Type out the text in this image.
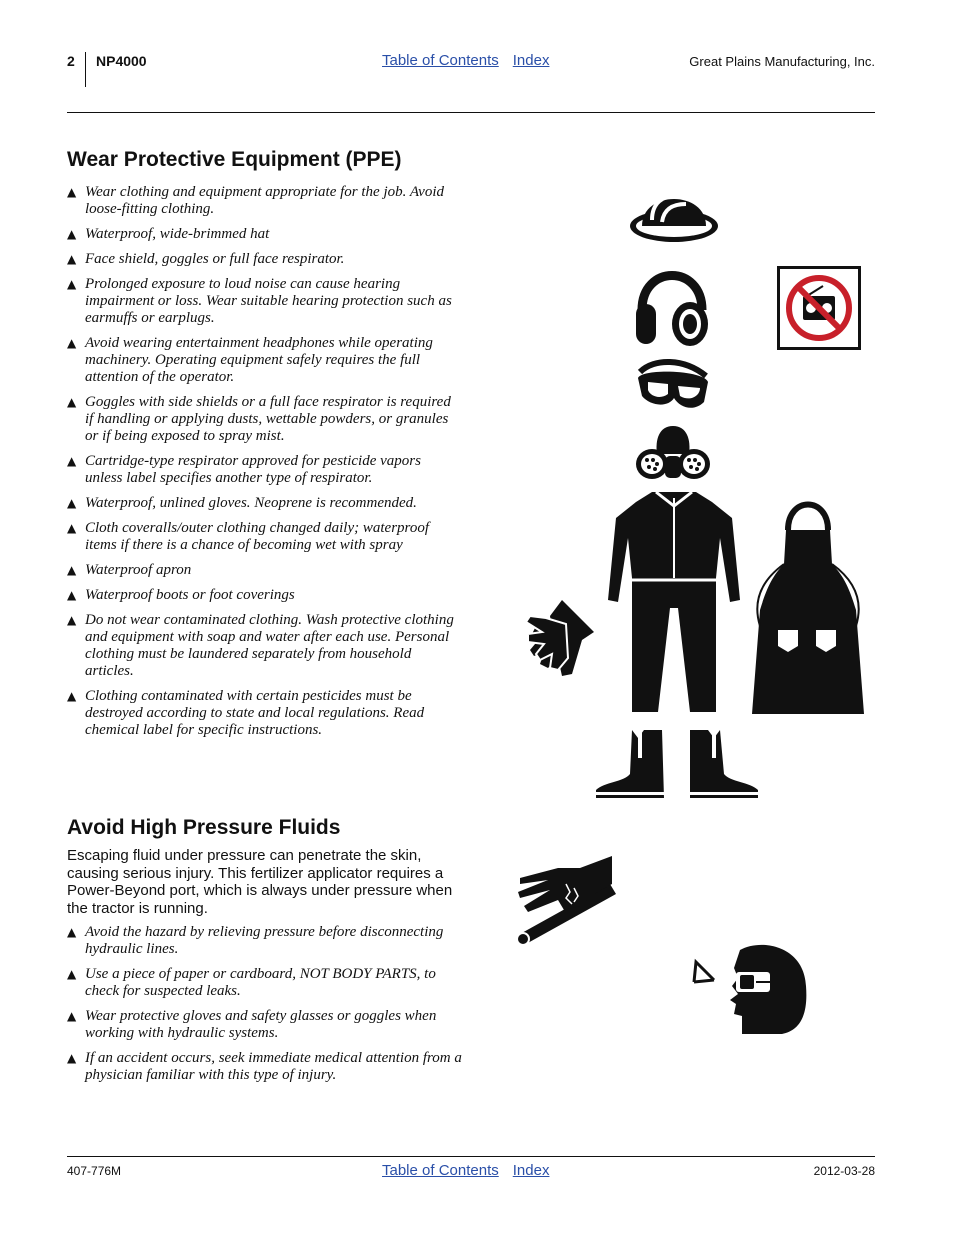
2 NP4000	Table of Contents Index	Great Plains Manufacturing, Inc.
Wear Protective Equipment (PPE)
▲ Wear clothing and equipment appropriate for the job. Avoid loose-fitting clothing.
▲ Waterproof, wide-brimmed hat
▲ Face shield, goggles or full face respirator.
▲ Prolonged exposure to loud noise can cause hearing impairment or loss. Wear suitable hearing protection such as earmuffs or earplugs.
▲ Avoid wearing entertainment headphones while operating machinery. Operating equipment safely requires the full attention of the operator.
▲ Goggles with side shields or a full face respirator is required if handling or applying dusts, wettable powders, or granules or if being exposed to spray mist.
▲ Cartridge-type respirator approved for pesticide vapors unless label specifies another type of respirator.
▲ Waterproof, unlined gloves. Neoprene is recommended.
▲ Cloth coveralls/outer clothing changed daily; waterproof items if there is a chance of becoming wet with spray
▲ Waterproof apron
▲ Waterproof boots or foot coverings
▲ Do not wear contaminated clothing. Wash protective clothing and equipment with soap and water after each use. Personal clothing must be laundered separately from household articles.
▲ Clothing contaminated with certain pesticides must be destroyed according to state and local regulations. Read chemical label for specific instructions.
Avoid High Pressure Fluids
Escaping fluid under pressure can penetrate the skin, causing serious injury. This fertilizer applicator requires a Power-Beyond port, which is always under pressure when the tractor is running.
▲ Avoid the hazard by relieving pressure before disconnecting hydraulic lines.
▲ Use a piece of paper or cardboard, NOT BODY PARTS, to check for suspected leaks.
▲ Wear protective gloves and safety glasses or goggles when working with hydraulic systems.
▲ If an accident occurs, seek immediate medical attention from a physician familiar with this type of injury.
407-776M	Table of Contents Index	2012-03-28
